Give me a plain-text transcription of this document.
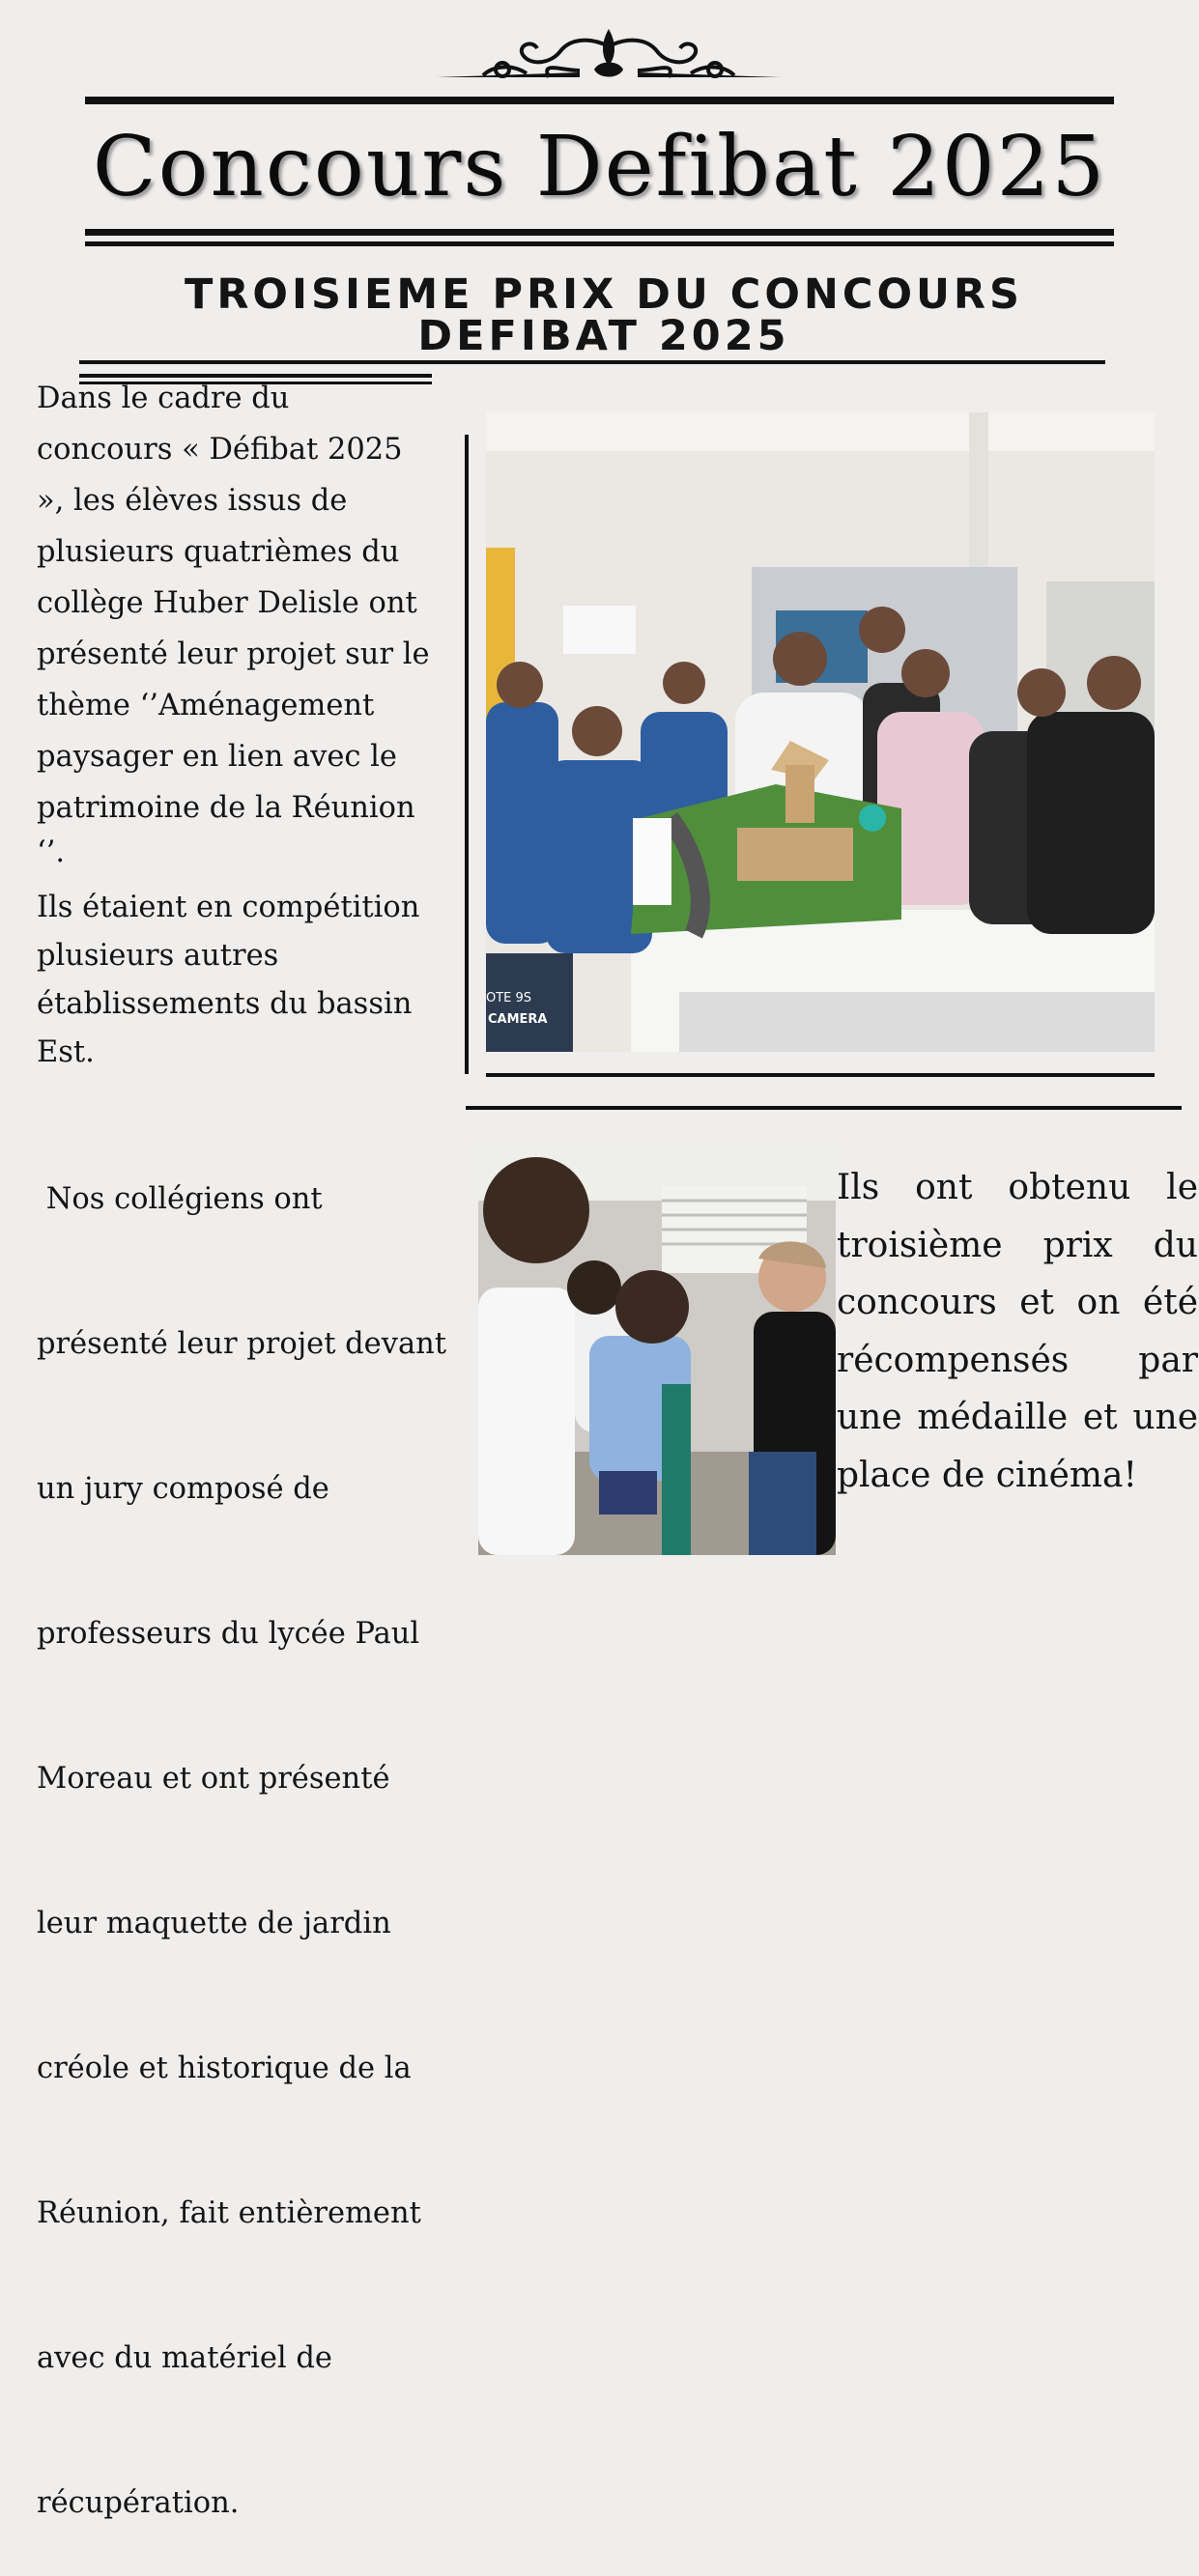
Concours Defibat 2025
TROISIEME PRIX DU CONCOURS DEFIBAT 2025
Dans le cadre du
concours « Défibat 2025
», les élèves issus de
plusieurs quatrièmes du
collège Huber Delisle ont
présenté leur projet sur le
thème ‘’Aménagement
paysager en lien avec le
patrimoine de la Réunion
‘’.
Ils étaient en compétition
plusieurs autres
établissements du bassin
Est.

Nos collégiens ont

présenté leur projet devant

un jury composé de

professeurs du lycée Paul

Moreau et ont présenté

leur maquette de jardin

créole et historique de la

Réunion, fait entièrement

avec du matériel de

récupération.

OTE 9S
CAMERA
Ils ont obtenu le troisième prix du concours et on été récompensés par une médaille et une place de cinéma!
